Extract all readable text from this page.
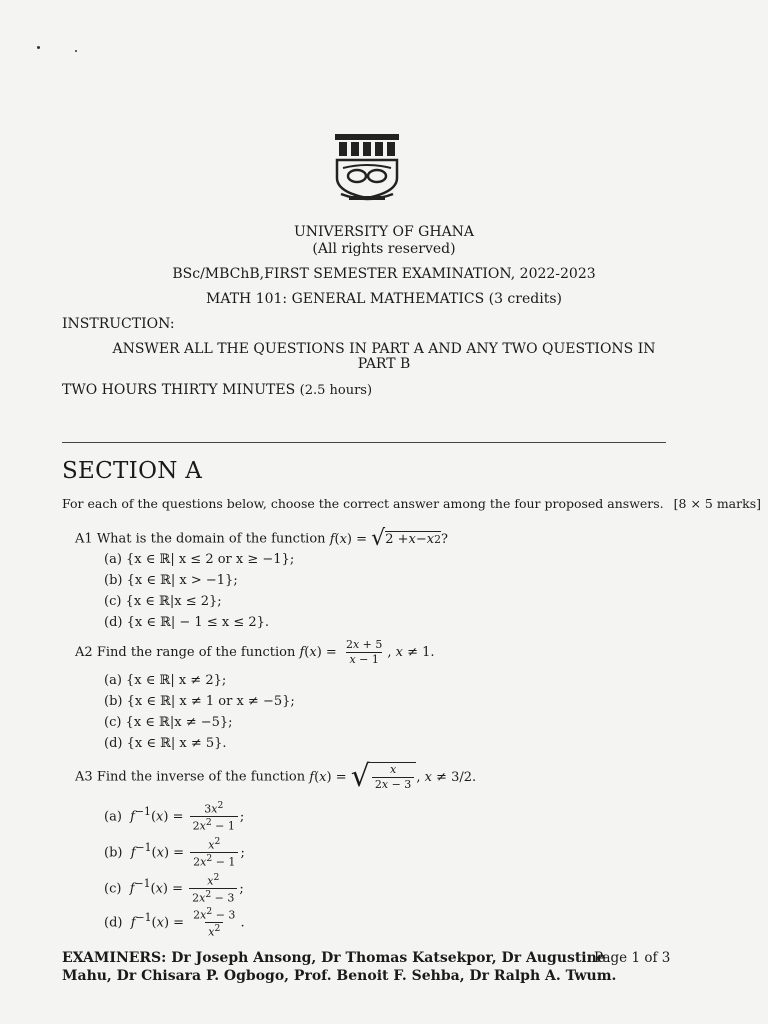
UNIVERSITY OF GHANA
(All rights reserved)
BSc/MBChB,FIRST SEMESTER EXAMINATION, 2022-2023
MATH 101: GENERAL MATHEMATICS (3 credits)
INSTRUCTION:
ANSWER ALL THE QUESTIONS IN PART A AND ANY TWO QUESTIONS IN
PART B
TWO HOURS THIRTY MINUTES (2.5 hours)
SECTION A
For each of the questions below, choose the correct answer among the four proposed answers. [8 × 5 marks]
A1 What is the domain of the function f(x) = √ 2 + x − x 2 ?
(a) {x ∈ ℝ| x ≤ 2 or x ≥ −1};
(b) {x ∈ ℝ| x > −1};
(c) {x ∈ ℝ|x ≤ 2};
(d) {x ∈ ℝ| − 1 ≤ x ≤ 2}.
A2 Find the range of the function $f(x) = \frac{2x + 5}{x - 1}$ , x ≠ 1.
(a) {x ∈ ℝ| x ≠ 2};
(b) {x ∈ ℝ| x ≠ 1 or x ≠ −5};
(c) {x ∈ ℝ|x ≠ −5};
(d) {x ∈ ℝ| x ≠ 5}.
A3 Find the inverse of the function f(x) = √ $\frac{x}{2x - 3}$ , x ≠ 3/2.
(a)  $f^{-1}(x) = \frac{3x^2}{2x^2 - 1}$ ;
(b)  $f^{-1}(x) = \frac{x^2}{2x^2 - 1}$ ;
(c)  $f^{-1}(x) = \frac{x^2}{2x^2 - 3}$ ;
(d)  $f^{-1}(x) = \frac{2x^2 - 3}{x^2}$ .
EXAMINERS: Dr Joseph Ansong, Dr Thomas Katsekpor, Dr Augustine
Page 1 of 3
Mahu, Dr Chisara P. Ogbogo, Prof. Benoit F. Sehba, Dr Ralph A. Twum.
